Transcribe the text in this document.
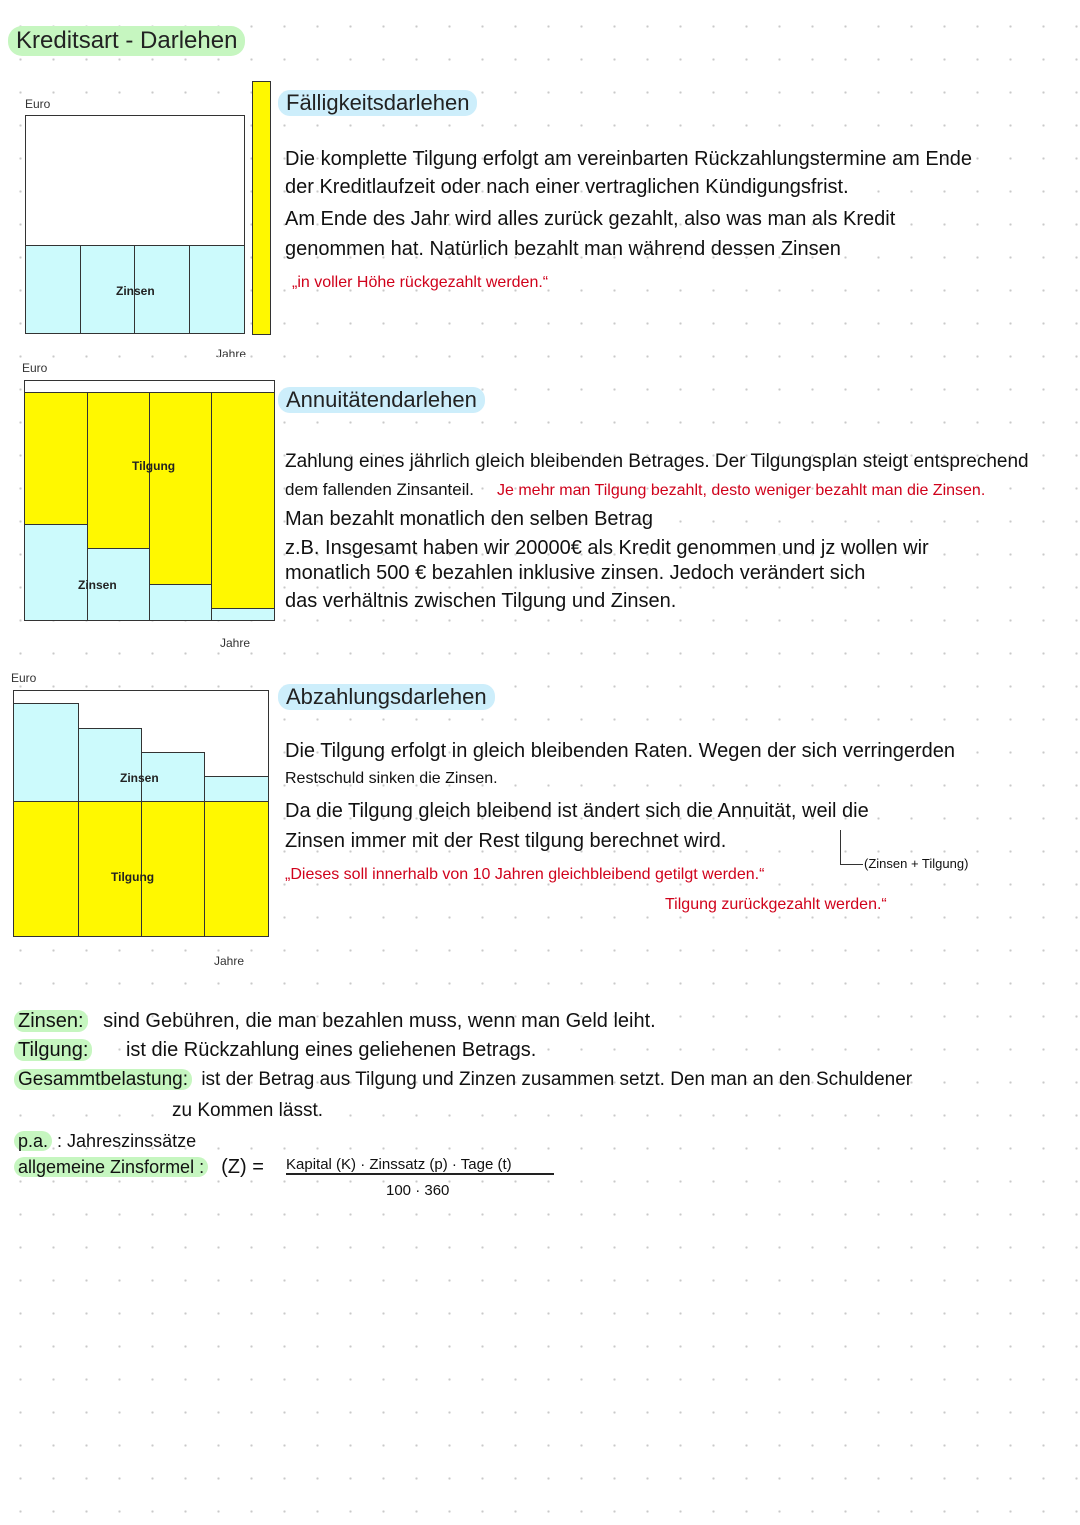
Kreditsart - Darlehen
Euro
Zinsen
Jahre
Fälligkeitsdarlehen
Die komplette Tilgung erfolgt am vereinbarten Rückzahlungstermine am Ende
der Kreditlaufzeit oder nach einer vertraglichen Kündigungsfrist.
Am Ende des Jahr wird alles zurück gezahlt, also was man als Kredit
genommen hat. Natürlich bezahlt man während dessen Zinsen
„in voller Höhe rückgezahlt werden.“
Euro
Tilgung
Zinsen
Jahre
Annuitätendarlehen
Zahlung eines jährlich gleich bleibenden Betrages. Der Tilgungsplan steigt entsprechend
dem fallenden Zinsanteil. Je mehr man Tilgung bezahlt, desto weniger bezahlt man die Zinsen.
Man bezahlt monatlich den selben Betrag
z.B. Insgesamt haben wir 20000€ als Kredit genommen und jz wollen wir
monatlich 500 € bezahlen inklusive zinsen. Jedoch verändert sich
das verhältnis zwischen Tilgung und Zinsen.
Euro
Zinsen
Tilgung
Jahre
Abzahlungsdarlehen
Die Tilgung erfolgt in gleich bleibenden Raten. Wegen der sich verringerden
Restschuld sinken die Zinsen.
Da die Tilgung gleich bleibend ist ändert sich die Annuität, weil die
Zinsen immer mit der Rest tilgung berechnet wird.
(Zinsen + Tilgung)
„Dieses soll innerhalb von 10 Jahren gleichbleibend getilgt werden.“
Tilgung zurückgezahlt werden.“
Zinsen: sind Gebühren, die man bezahlen muss, wenn man Geld leiht.
Tilgung: ist die Rückzahlung eines geliehenen Betrags.
Gesammtbelastung: ist der Betrag aus Tilgung und Zinzen zusammen setzt. Den man an den Schuldener
zu Kommen lässt.
p.a. : Jahreszinssätze
allgemeine Zinsformel : (Z) = Kapital (K) · Zinssatz (p) · Tage (t)
100 · 360
